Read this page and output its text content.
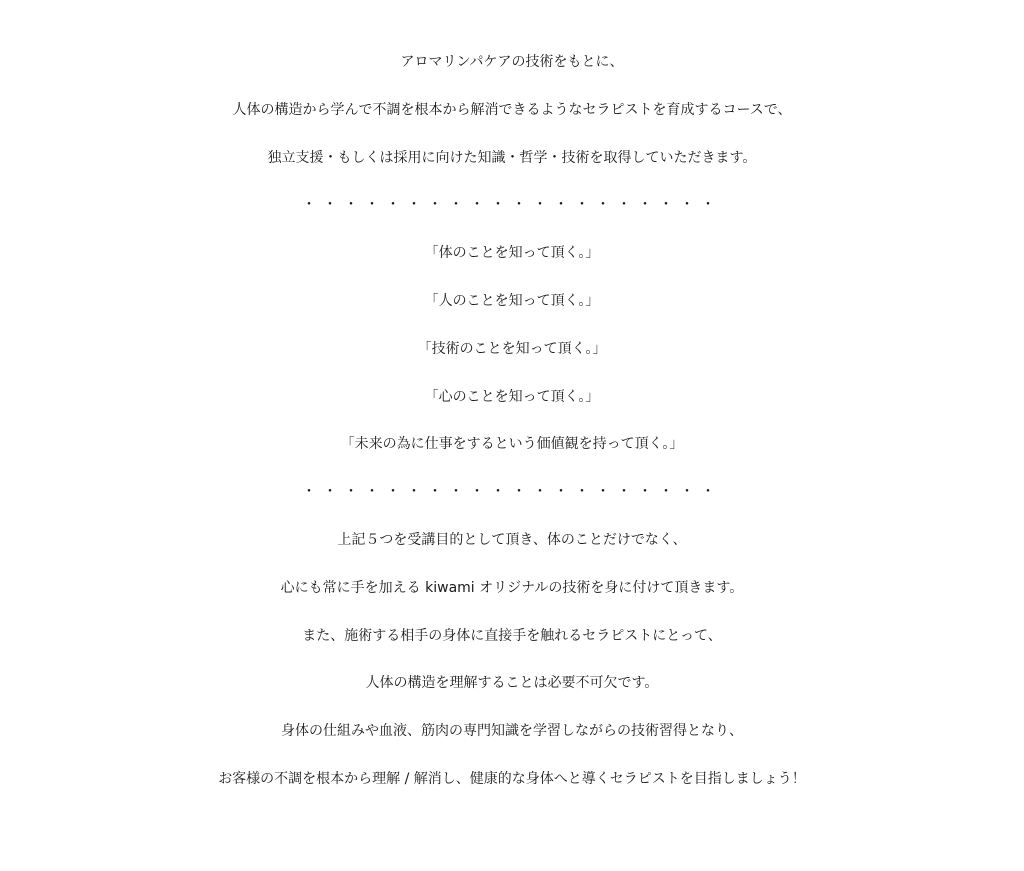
アロマリンパケアの技術をもとに、
人体の構造から学んで不調を根本から解消できるようなセラピストを育成するコースで、
独立支援・もしくは採用に向けた知識・哲学・技術を取得していただきます。
・・・・・・・・・・・・・・・・・・・・
「体のことを知って頂く。」
「人のことを知って頂く。」
「技術のことを知って頂く。」
「心のことを知って頂く。」
「未来の為に仕事をするという価値観を持って頂く。」
・・・・・・・・・・・・・・・・・・・・
上記５つを受講目的として頂き、体のことだけでなく、
心にも常に手を加える kiwami オリジナルの技術を身に付けて頂きます。
また、施術する相手の身体に直接手を触れるセラピストにとって、
人体の構造を理解することは必要不可欠です。
身体の仕組みや血液、筋肉の専門知識を学習しながらの技術習得となり、
お客様の不調を根本から理解 / 解消し、健康的な身体へと導くセラピストを目指しましょう！
